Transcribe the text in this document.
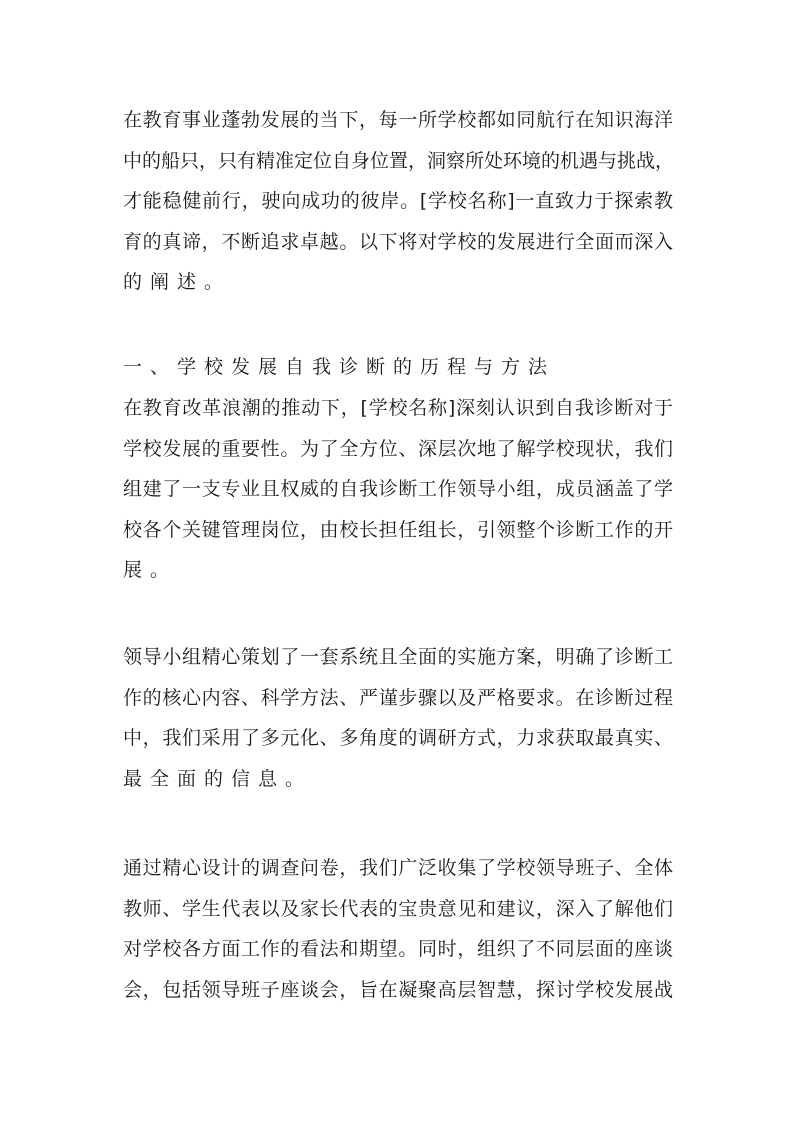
在教育事业蓬勃发展的当下，每一所学校都如同航行在知识海洋
中的船只，只有精准定位自身位置，洞察所处环境的机遇与挑战，
才能稳健前行，驶向成功的彼岸。[学校名称]一直致力于探索教
育的真谛，不断追求卓越。以下将对学校的发展进行全面而深入
的阐述。
一、学校发展自我诊断的历程与方法
在教育改革浪潮的推动下，[学校名称]深刻认识到自我诊断对于
学校发展的重要性。为了全方位、深层次地了解学校现状，我们
组建了一支专业且权威的自我诊断工作领导小组，成员涵盖了学
校各个关键管理岗位，由校长担任组长，引领整个诊断工作的开
展。
领导小组精心策划了一套系统且全面的实施方案，明确了诊断工
作的核心内容、科学方法、严谨步骤以及严格要求。在诊断过程
中，我们采用了多元化、多角度的调研方式，力求获取最真实、
最全面的信息。
通过精心设计的调查问卷，我们广泛收集了学校领导班子、全体
教师、学生代表以及家长代表的宝贵意见和建议，深入了解他们
对学校各方面工作的看法和期望。同时，组织了不同层面的座谈
会，包括领导班子座谈会，旨在凝聚高层智慧，探讨学校发展战
